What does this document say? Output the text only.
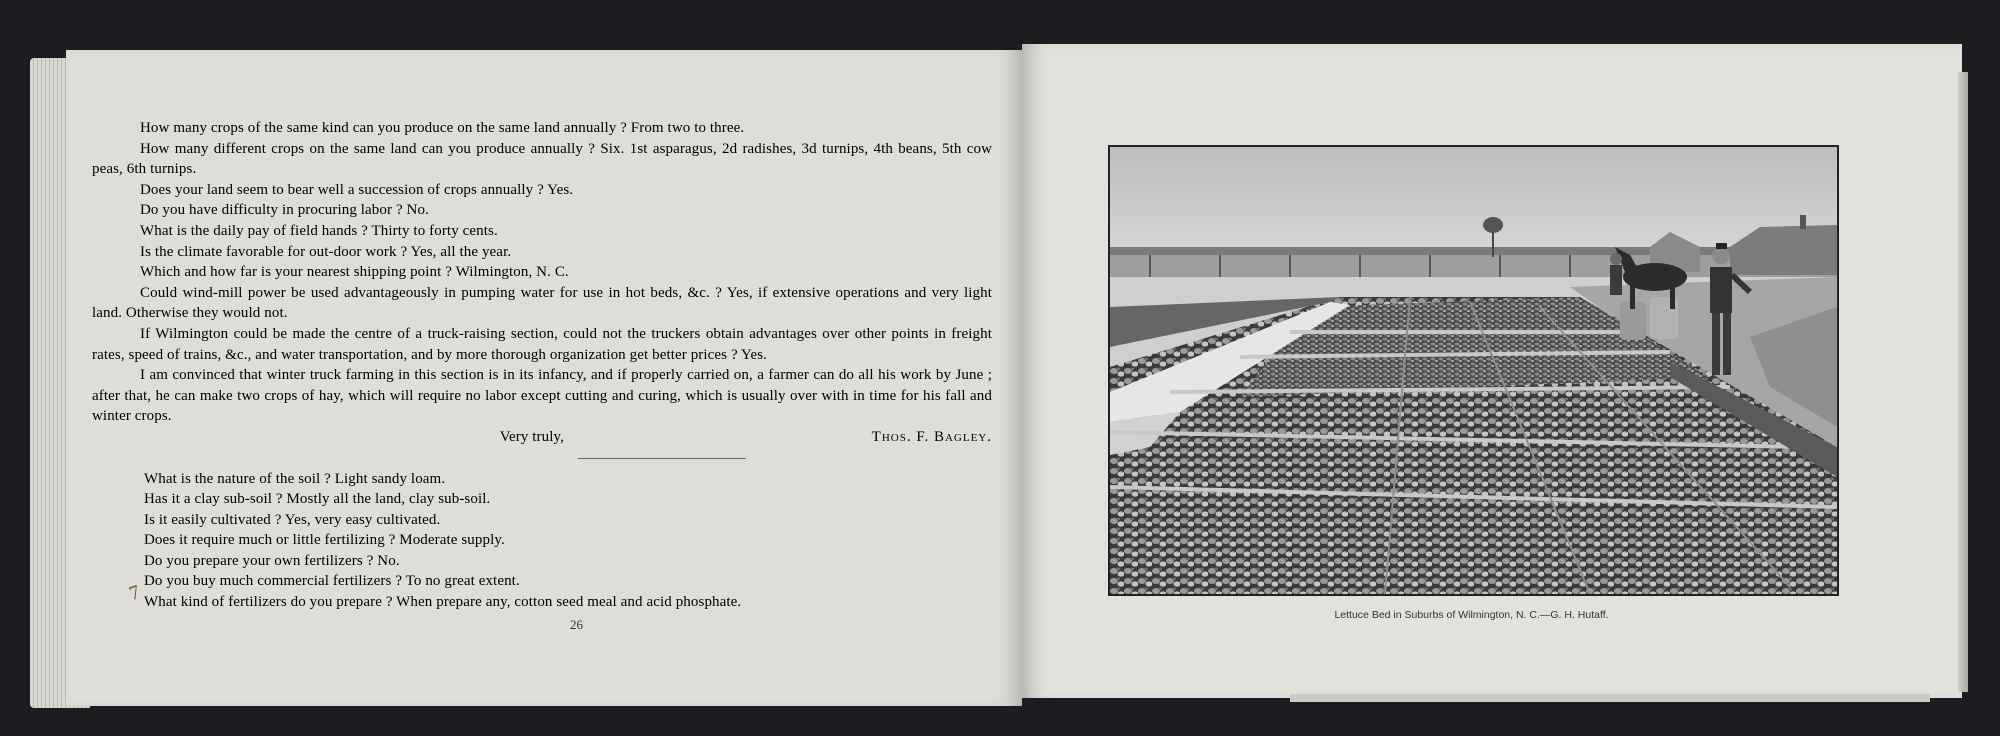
How many crops of the same kind can you produce on the same land annually ? From two to three.

How many different crops on the same land can you produce annually ? Six. 1st asparagus, 2d radishes, 3d turnips, 4th beans, 5th cow peas, 6th turnips.

Does your land seem to bear well a succession of crops annually ? Yes.

Do you have difficulty in procuring labor ? No.

What is the daily pay of field hands ? Thirty to forty cents.

Is the climate favorable for out-door work ? Yes, all the year.

Which and how far is your nearest shipping point ? Wilmington, N. C.

Could wind-mill power be used advantageously in pumping water for use in hot beds, &c. ? Yes, if extensive operations and very light land. Otherwise they would not.

If Wilmington could be made the centre of a truck-raising section, could not the truckers obtain advantages over other points in freight rates, speed of trains, &c., and water transportation, and by more thorough organization get better prices ? Yes.

I am convinced that winter truck farming in this section is in its infancy, and if properly carried on, a farmer can do all his work by June ; after that, he can make two crops of hay, which will require no labor except cutting and curing, which is usually over with in time for his fall and winter crops.

Very truly,	Thos. F. Bagley.

What is the nature of the soil ? Light sandy loam.

Has it a clay sub-soil ? Mostly all the land, clay sub-soil.

Is it easily cultivated ? Yes, very easy cultivated.

Does it require much or little fertilizing ? Moderate supply.

Do you prepare your own fertilizers ? No.

Do you buy much commercial fertilizers ? To no great extent.

What kind of fertilizers do you prepare ? When prepare any, cotton seed meal and acid phosphate.

7
26
Lettuce Bed in Suburbs of Wilmington, N. C.—G. H. Hutaff.
